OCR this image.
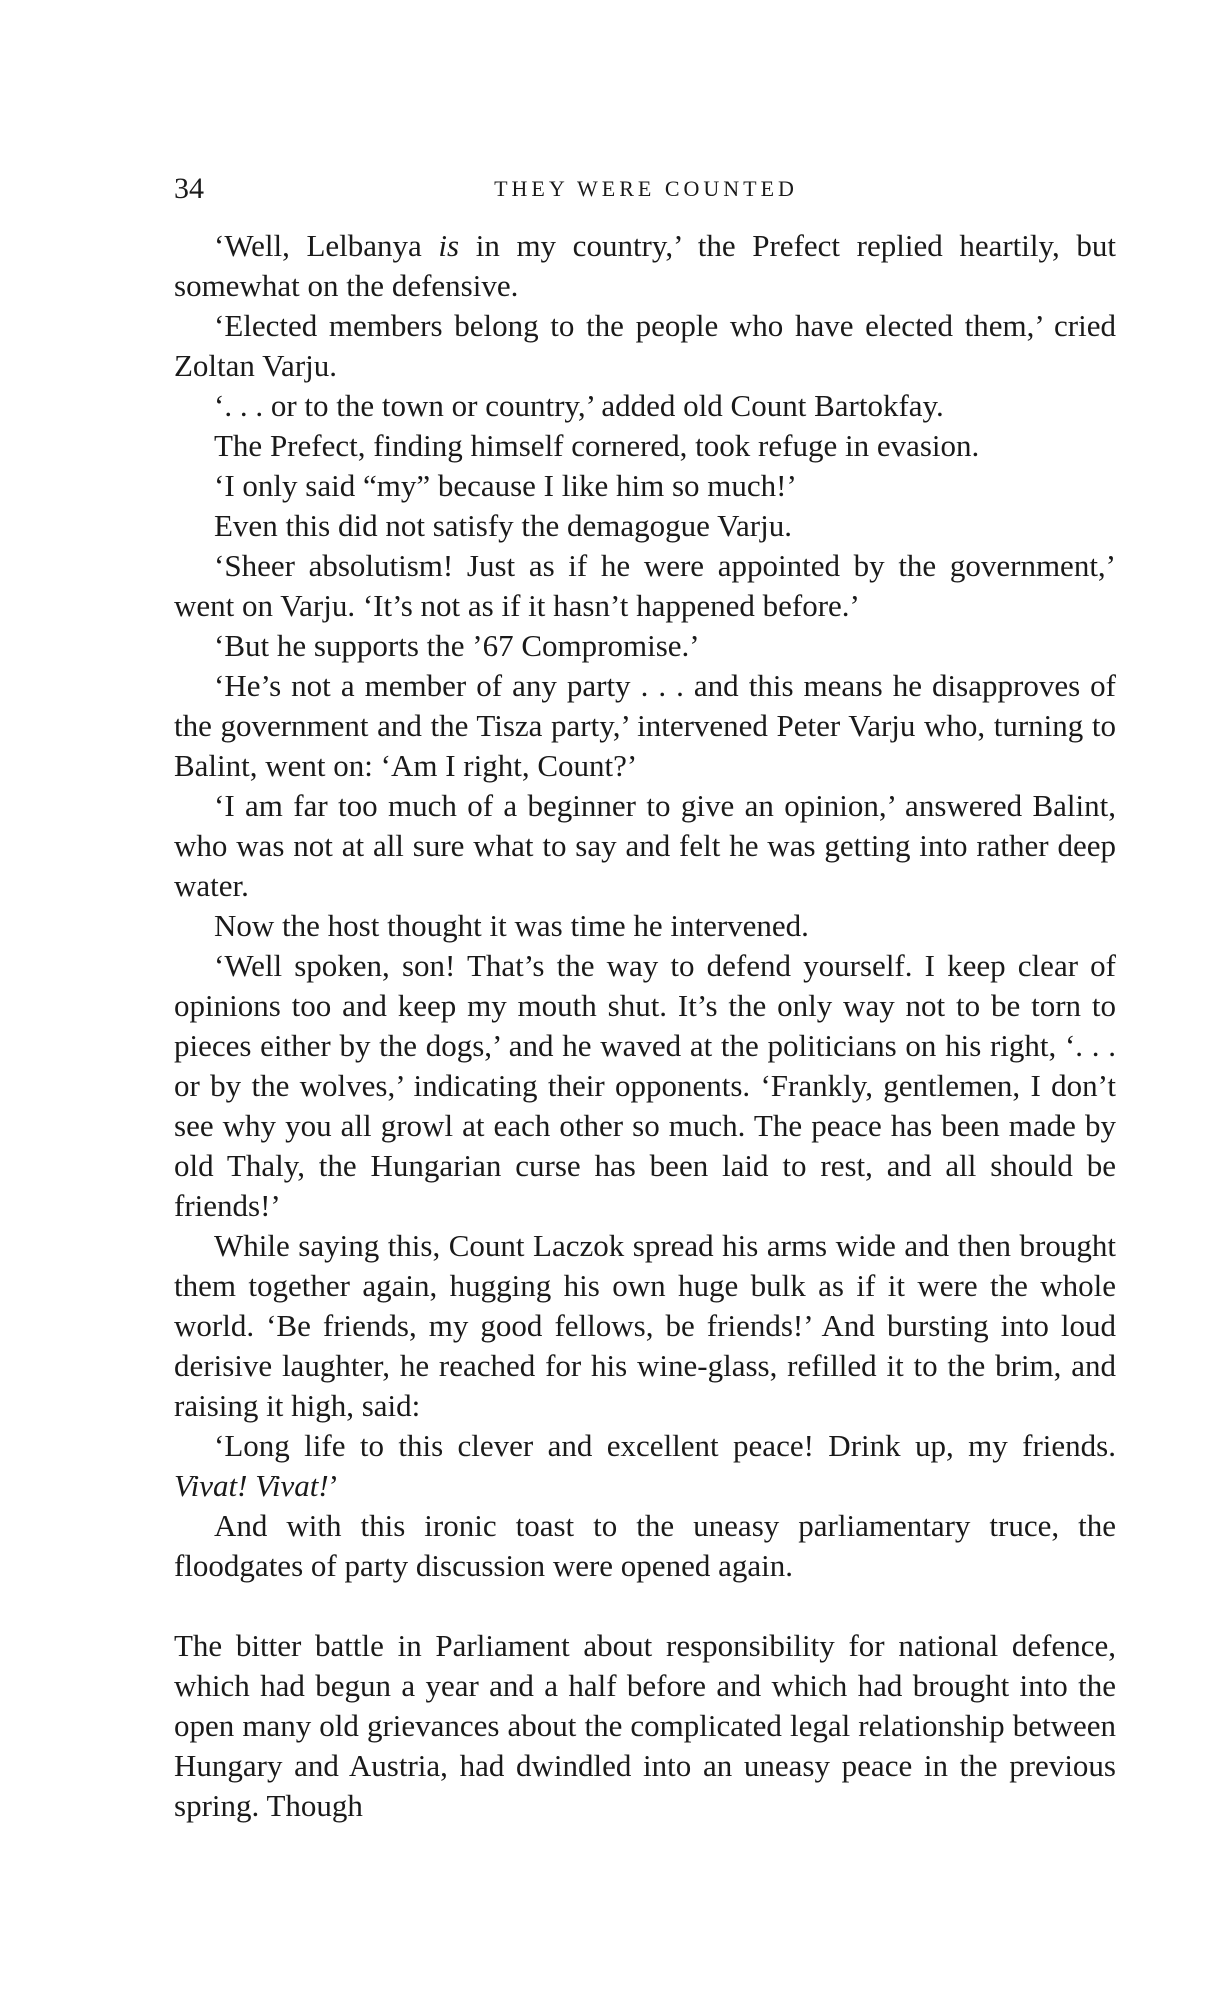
34	THEY WERE COUNTED

‘Well, Lelbanya is in my country,’ the Prefect replied heartily, but somewhat on the defensive.

‘Elected members belong to the people who have elected them,’ cried Zoltan Varju.

‘. . . or to the town or country,’ added old Count Bartokfay.

The Prefect, finding himself cornered, took refuge in evasion.

‘I only said “my” because I like him so much!’

Even this did not satisfy the demagogue Varju.

‘Sheer absolutism! Just as if he were appointed by the government,’ went on Varju. ‘It’s not as if it hasn’t happened before.’

‘But he supports the ’67 Compromise.’

‘He’s not a member of any party . . . and this means he disapproves of the government and the Tisza party,’ intervened Peter Varju who, turning to Balint, went on: ‘Am I right, Count?’

‘I am far too much of a beginner to give an opinion,’ answered Balint, who was not at all sure what to say and felt he was getting into rather deep water.

Now the host thought it was time he intervened.

‘Well spoken, son! That’s the way to defend yourself. I keep clear of opinions too and keep my mouth shut. It’s the only way not to be torn to pieces either by the dogs,’ and he waved at the politicians on his right, ‘. . . or by the wolves,’ indicating their opponents. ‘Frankly, gentlemen, I don’t see why you all growl at each other so much. The peace has been made by old Thaly, the Hungarian curse has been laid to rest, and all should be friends!’

While saying this, Count Laczok spread his arms wide and then brought them together again, hugging his own huge bulk as if it were the whole world. ‘Be friends, my good fellows, be friends!’ And bursting into loud derisive laughter, he reached for his wine-glass, refilled it to the brim, and raising it high, said:

‘Long life to this clever and excellent peace! Drink up, my friends. Vivat! Vivat!’

And with this ironic toast to the uneasy parliamentary truce, the floodgates of party discussion were opened again.

The bitter battle in Parliament about responsibility for national defence, which had begun a year and a half before and which had brought into the open many old grievances about the complicated legal relationship between Hungary and Austria, had dwindled into an uneasy peace in the previous spring. Though
